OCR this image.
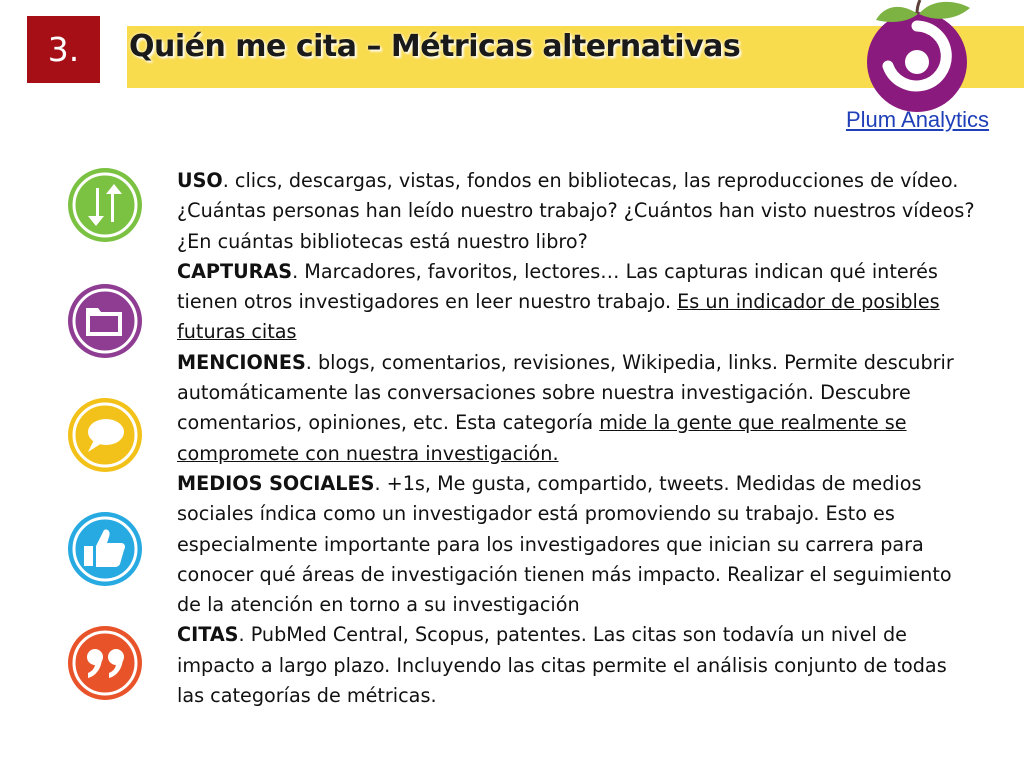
3. Quién me cita – Métricas alternativas
Plum Analytics

USO. clics, descargas, vistas, fondos en bibliotecas, las reproducciones de vídeo. ¿Cuántas personas han leído nuestro trabajo? ¿Cuántos han visto nuestros vídeos? ¿En cuántas bibliotecas está nuestro libro?

CAPTURAS. Marcadores, favoritos, lectores… Las capturas indican qué interés tienen otros investigadores en leer nuestro trabajo. Es un indicador de posibles futuras citas

MENCIONES. blogs, comentarios, revisiones, Wikipedia, links. Permite descubrir automáticamente las conversaciones sobre nuestra investigación. Descubre comentarios, opiniones, etc. Esta categoría mide la gente que realmente se compromete con nuestra investigación.

MEDIOS SOCIALES. +1s, Me gusta, compartido, tweets. Medidas de medios sociales índica como un investigador está promoviendo su trabajo. Esto es especialmente importante para los investigadores que inician su carrera para conocer qué áreas de investigación tienen más impacto. Realizar el seguimiento de la atención en torno a su investigación

CITAS. PubMed Central, Scopus, patentes. Las citas son todavía un nivel de impacto a largo plazo. Incluyendo las citas permite el análisis conjunto de todas las categorías de métricas.
